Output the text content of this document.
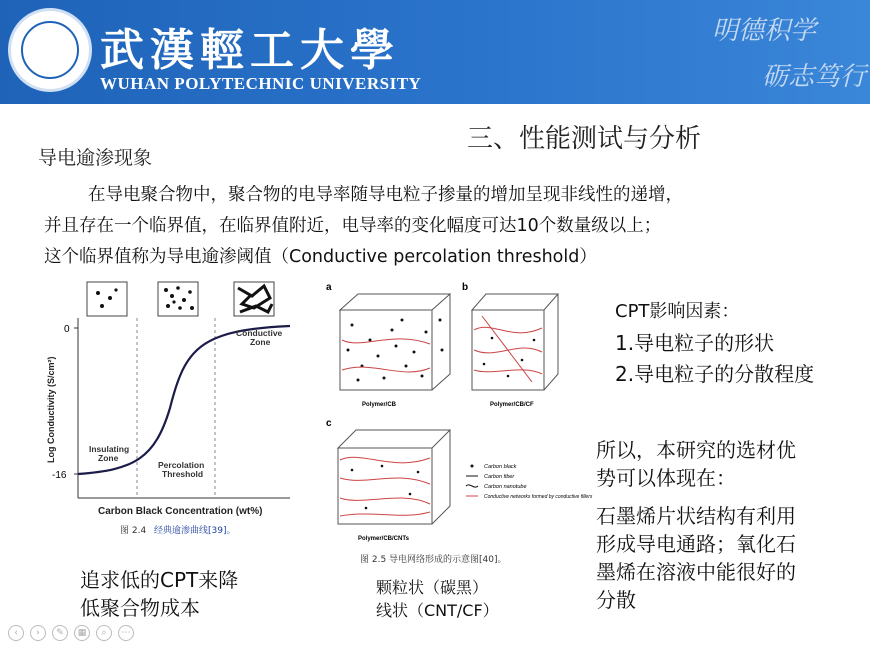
武漢輕工大學
WUHAN POLYTECHNIC UNIVERSITY
明德积学
砺志笃行
三、性能测试与分析
导电逾渗现象
在导电聚合物中，聚合物的电导率随导电粒子掺量的增加呈现非线性的递增，
并且存在一个临界值，在临界值附近，电导率的变化幅度可达10个数量级以上；
这个临界值称为导电逾渗阈值（Conductive percolation threshold）
0
-16
Insulating
Zone
Percolation
Threshold
Conductive
Zone
Carbon Black Concentration (wt%)
Log Conductivity (S/cm²)
图 2.4 经典逾渗曲线[39]。
a
Polymer/CB
b
Polymer/CB/CF
c
Polymer/CB/CNTs
Carbon black
Carbon fiber
Carbon nanotube
Conductive networks formed by conductive fillers
图 2.5 导电网络形成的示意图[40]。
CPT影响因素：
1.导电粒子的形状
2.导电粒子的分散程度
所以，本研究的选材优
势可以体现在：
石墨烯片状结构有利用
形成导电通路；氧化石
墨烯在溶液中能很好的
分散
追求低的CPT来降
低聚合物成本
颗粒状（碳黑）
线状（CNT/CF）
‹	›	✎	▦	⌕	⋯
